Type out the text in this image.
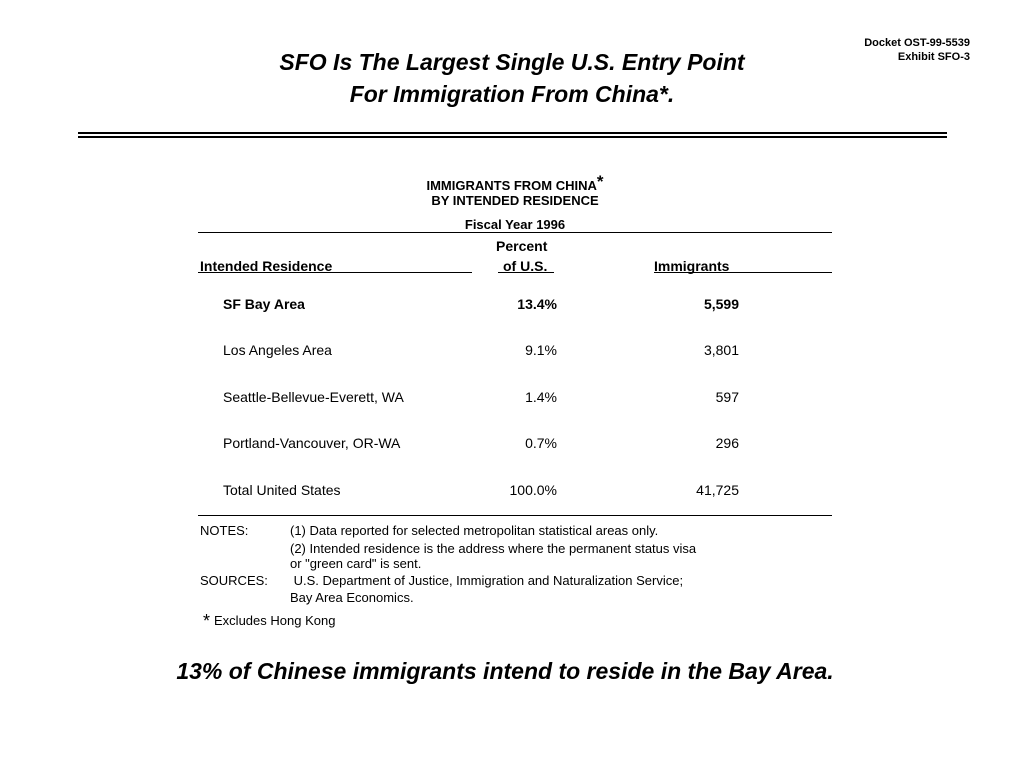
Docket OST-99-5539
Exhibit SFO-3
SFO Is The Largest Single U.S. Entry Point
For Immigration From China*.
IMMIGRANTS FROM CHINA*
BY INTENDED RESIDENCE
Fiscal Year 1996
Percent
Intended Residence	of U.S.	Immigrants
SF Bay Area	13.4%	5,599
Los Angeles Area	9.1%	3,801
Seattle-Bellevue-Everett, WA	1.4%	597
Portland-Vancouver, OR-WA	0.7%	296
Total United States	100.0%	41,725
NOTES:	(1) Data reported for selected metropolitan statistical areas only.
(2) Intended residence is the address where the permanent status visa
or "green card" is sent.
SOURCES: U.S. Department of Justice, Immigration and Naturalization Service;
Bay Area Economics.
* Excludes Hong Kong
13% of Chinese immigrants intend to reside in the Bay Area.
